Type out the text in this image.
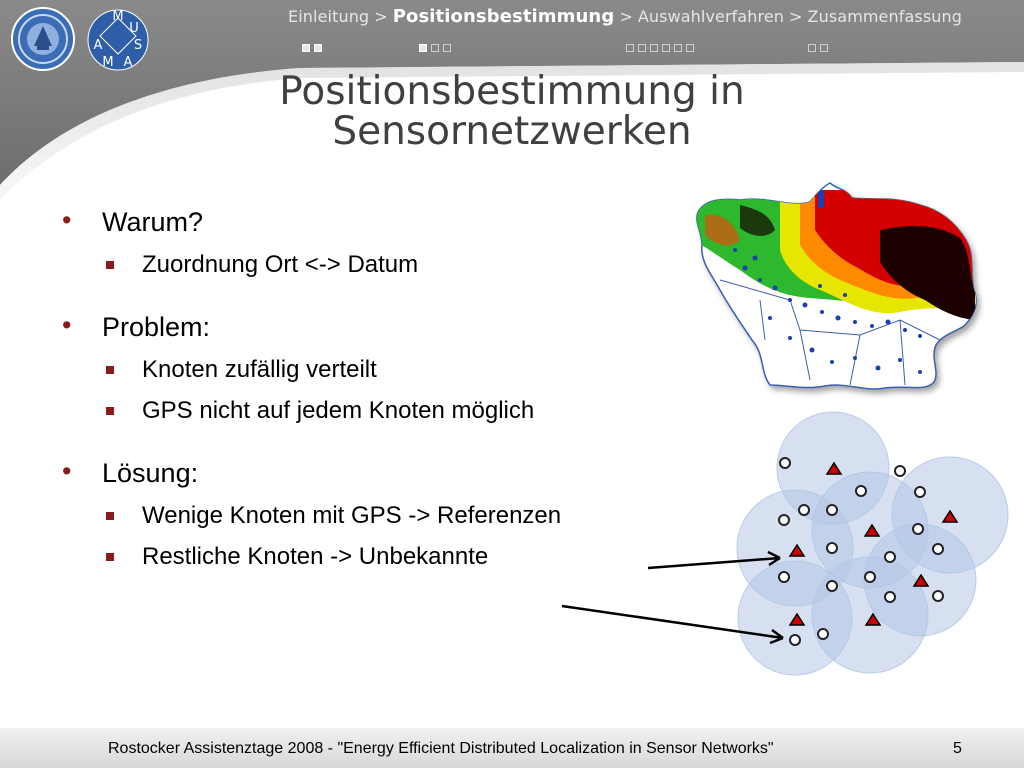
M
U
S
A
M
A
Einleitung > Positionsbestimmung > Auswahlverfahren > Zusammenfassung
Positionsbestimmung in
Sensornetzwerken
• Warum?
Zuordnung Ort <-> Datum
• Problem:
Knoten zufällig verteilt
GPS nicht auf jedem Knoten möglich
• Lösung:
Wenige Knoten mit GPS -> Referenzen
Restliche Knoten -> Unbekannte
Rostocker Assistenztage 2008 - "Energy Efficient Distributed Localization in Sensor Networks"	5
